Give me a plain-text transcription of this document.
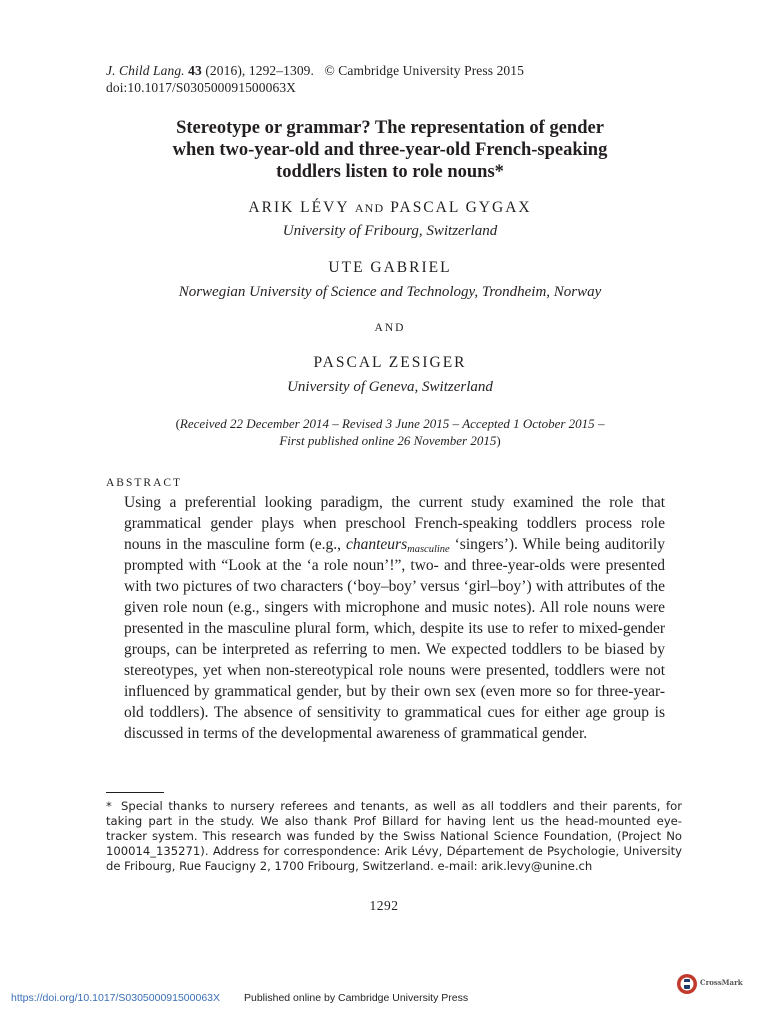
J. Child Lang. 43 (2016), 1292–1309. © Cambridge University Press 2015
doi:10.1017/S030500091500063X
Stereotype or grammar? The representation of gender
when two-year-old and three-year-old French-speaking
toddlers listen to role nouns*
ARIK LÉVY AND PASCAL GYGAX
University of Fribourg, Switzerland
UTE GABRIEL
Norwegian University of Science and Technology, Trondheim, Norway
AND
PASCAL ZESIGER
University of Geneva, Switzerland
(Received 22 December 2014 – Revised 3 June 2015 – Accepted 1 October 2015 –
First published online 26 November 2015)
ABSTRACT

Using a preferential looking paradigm, the current study examined the role that grammatical gender plays when preschool French-speaking toddlers process role nouns in the masculine form (e.g., chanteurs$_{masculine}$ ‘singers’). While being auditorily prompted with “Look at the ‘a role noun’!”, two- and three-year-olds were presented with two pictures of two characters (‘boy–boy’ versus ‘girl–boy’) with attributes of the given role noun (e.g., singers with microphone and music notes). All role nouns were presented in the masculine plural form, which, despite its use to refer to mixed-gender groups, can be interpreted as referring to men. We expected toddlers to be biased by stereotypes, yet when non-stereotypical role nouns were presented, toddlers were not influenced by grammatical gender, but by their own sex (even more so for three-year-old toddlers). The absence of sensitivity to grammatical cues for either age group is discussed in terms of the developmental awareness of grammatical gender.

* Special thanks to nursery referees and tenants, as well as all toddlers and their parents, for taking part in the study. We also thank Prof Billard for having lent us the head-mounted eye-tracker system. This research was funded by the Swiss National Science Foundation, (Project No 100014_135271). Address for correspondence: Arik Lévy, Département de Psychologie, University de Fribourg, Rue Faucigny 2, 1700 Fribourg, Switzerland. e-mail: arik.levy@unine.ch
1292
CrossMark
https://doi.org/10.1017/S030500091500063X Published online by Cambridge University Press
